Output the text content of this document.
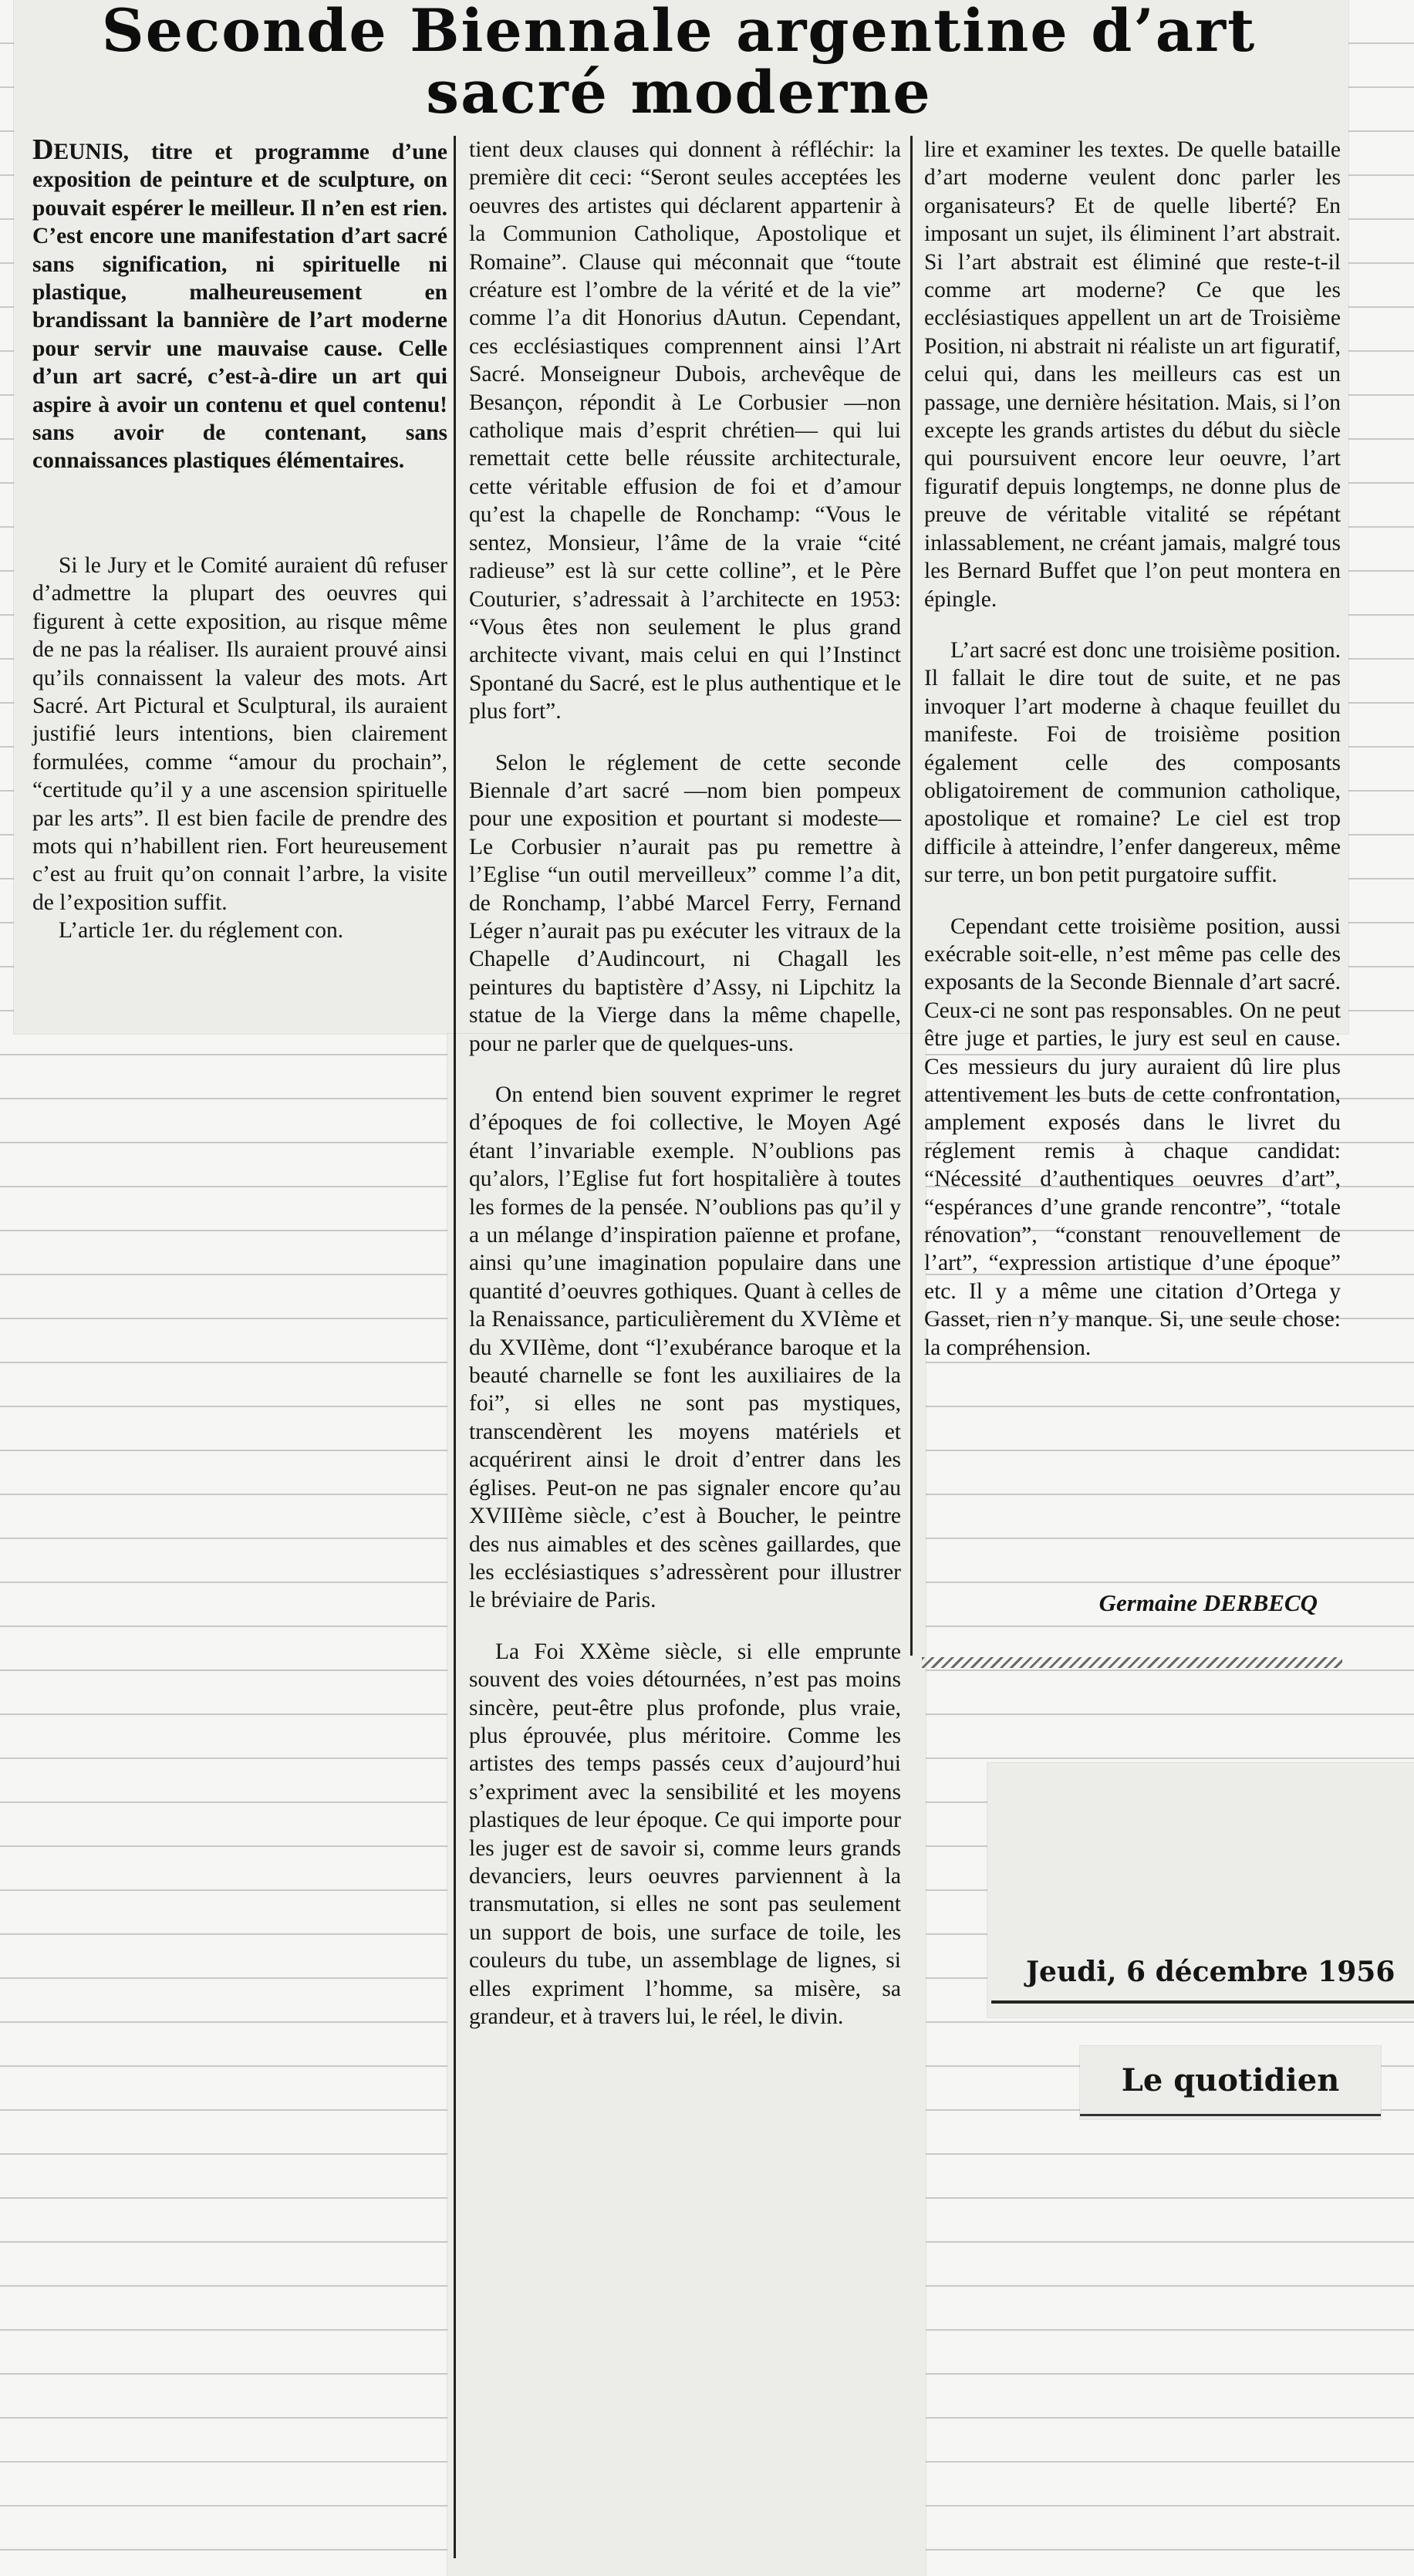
Seconde Biennale argentine d’art sacré moderne

DEUNIS, titre et programme d’une exposition de peinture et de sculpture, on pouvait espérer le meilleur. Il n’en est rien. C’est encore une manifestation d’art sacré sans signification, ni spirituelle ni plastique, malheureusement en brandissant la bannière de l’art moderne pour servir une mauvaise cause. Celle d’un art sacré, c’est-à-dire un art qui aspire à avoir un contenu et quel contenu! sans avoir de contenant, sans connaissances plastiques élémentaires.

Si le Jury et le Comité auraient dû refuser d’admettre la plupart des oeuvres qui figurent à cette exposition, au risque même de ne pas la réaliser. Ils auraient prouvé ainsi qu’ils connaissent la valeur des mots. Art Sacré. Art Pictural et Sculptural, ils auraient justifié leurs intentions, bien clairement formulées, comme “amour du prochain”, “certitude qu’il y a une ascension spirituelle par les arts”. Il est bien facile de prendre des mots qui n’habillent rien. Fort heureusement c’est au fruit qu’on connait l’arbre, la visite de l’exposition suffit.

L’article 1er. du réglement con.

tient deux clauses qui donnent à réfléchir: la première dit ceci: “Seront seules acceptées les oeuvres des artistes qui déclarent appartenir à la Communion Catholique, Apostolique et Romaine”. Clause qui méconnait que “toute créature est l’ombre de la vérité et de la vie” comme l’a dit Honorius dAutun. Cependant, ces ecclésiastiques comprennent ainsi l’Art Sacré. Monseigneur Dubois, archevêque de Besançon, répondit à Le Corbusier —non catholique mais d’esprit chrétien— qui lui remettait cette belle réussite architecturale, cette véritable effusion de foi et d’amour qu’est la chapelle de Ronchamp: “Vous le sentez, Monsieur, l’âme de la vraie “cité radieuse” est là sur cette colline”, et le Père Couturier, s’adressait à l’architecte en 1953: “Vous êtes non seulement le plus grand architecte vivant, mais celui en qui l’Instinct Spontané du Sacré, est le plus authentique et le plus fort”.

Selon le réglement de cette seconde Biennale d’art sacré —nom bien pompeux pour une exposition et pourtant si modeste— Le Corbusier n’aurait pas pu remettre à l’Eglise “un outil merveilleux” comme l’a dit, de Ronchamp, l’abbé Marcel Ferry, Fernand Léger n’aurait pas pu exécuter les vitraux de la Chapelle d’Audincourt, ni Chagall les peintures du baptistère d’Assy, ni Lipchitz la statue de la Vierge dans la même chapelle, pour ne parler que de quelques-uns.

On entend bien souvent exprimer le regret d’époques de foi collective, le Moyen Agé étant l’invariable exemple. N’oublions pas qu’alors, l’Eglise fut fort hospitalière à toutes les formes de la pensée. N’oublions pas qu’il y a un mélange d’inspiration païenne et profane, ainsi qu’une imagination populaire dans une quantité d’oeuvres gothiques. Quant à celles de la Renaissance, particulièrement du XVIème et du XVIIème, dont “l’exubérance baroque et la beauté charnelle se font les auxiliaires de la foi”, si elles ne sont pas mystiques, transcendèrent les moyens matériels et acquérirent ainsi le droit d’entrer dans les églises. Peut-on ne pas signaler encore qu’au XVIIIème siècle, c’est à Boucher, le peintre des nus aimables et des scènes gaillardes, que les ecclésiastiques s’adressèrent pour illustrer le bréviaire de Paris.

La Foi XXème siècle, si elle emprunte souvent des voies détournées, n’est pas moins sincère, peut-être plus profonde, plus vraie, plus éprouvée, plus méritoire. Comme les artistes des temps passés ceux d’aujourd’hui s’expriment avec la sensibilité et les moyens plastiques de leur époque. Ce qui importe pour les juger est de savoir si, comme leurs grands devanciers, leurs oeuvres parviennent à la transmutation, si elles ne sont pas seulement un support de bois, une surface de toile, les couleurs du tube, un assemblage de lignes, si elles expriment l’homme, sa misère, sa grandeur, et à travers lui, le réel, le divin.

lire et examiner les textes. De quelle bataille d’art moderne veulent donc parler les organisateurs? Et de quelle liberté? En imposant un sujet, ils éliminent l’art abstrait. Si l’art abstrait est éliminé que reste-t-il comme art moderne? Ce que les ecclésiastiques appellent un art de Troisième Position, ni abstrait ni réaliste un art figuratif, celui qui, dans les meilleurs cas est un passage, une dernière hésitation. Mais, si l’on excepte les grands artistes du début du siècle qui poursuivent encore leur oeuvre, l’art figuratif depuis longtemps, ne donne plus de preuve de véritable vitalité se répétant inlassablement, ne créant jamais, malgré tous les Bernard Buffet que l’on peut montera en épingle.

L’art sacré est donc une troisième position. Il fallait le dire tout de suite, et ne pas invoquer l’art moderne à chaque feuillet du manifeste. Foi de troisième position également celle des composants obligatoirement de communion catholique, apostolique et romaine? Le ciel est trop difficile à atteindre, l’enfer dangereux, même sur terre, un bon petit purgatoire suffit.

Cependant cette troisième position, aussi exécrable soit-elle, n’est même pas celle des exposants de la Seconde Biennale d’art sacré. Ceux-ci ne sont pas responsables. On ne peut être juge et parties, le jury est seul en cause. Ces messieurs du jury auraient dû lire plus attentivement les buts de cette confrontation, amplement exposés dans le livret du réglement remis à chaque candidat: “Nécessité d’authentiques oeuvres d’art”, “espérances d’une grande rencontre”, “totale rénovation”, “constant renouvellement de l’art”, “expression artistique d’une époque” etc. Il y a même une citation d’Ortega y Gasset, rien n’y manque. Si, une seule chose: la compréhension.

Germaine DERBECQ
Jeudi, 6 décembre 1956
Le quotidien
